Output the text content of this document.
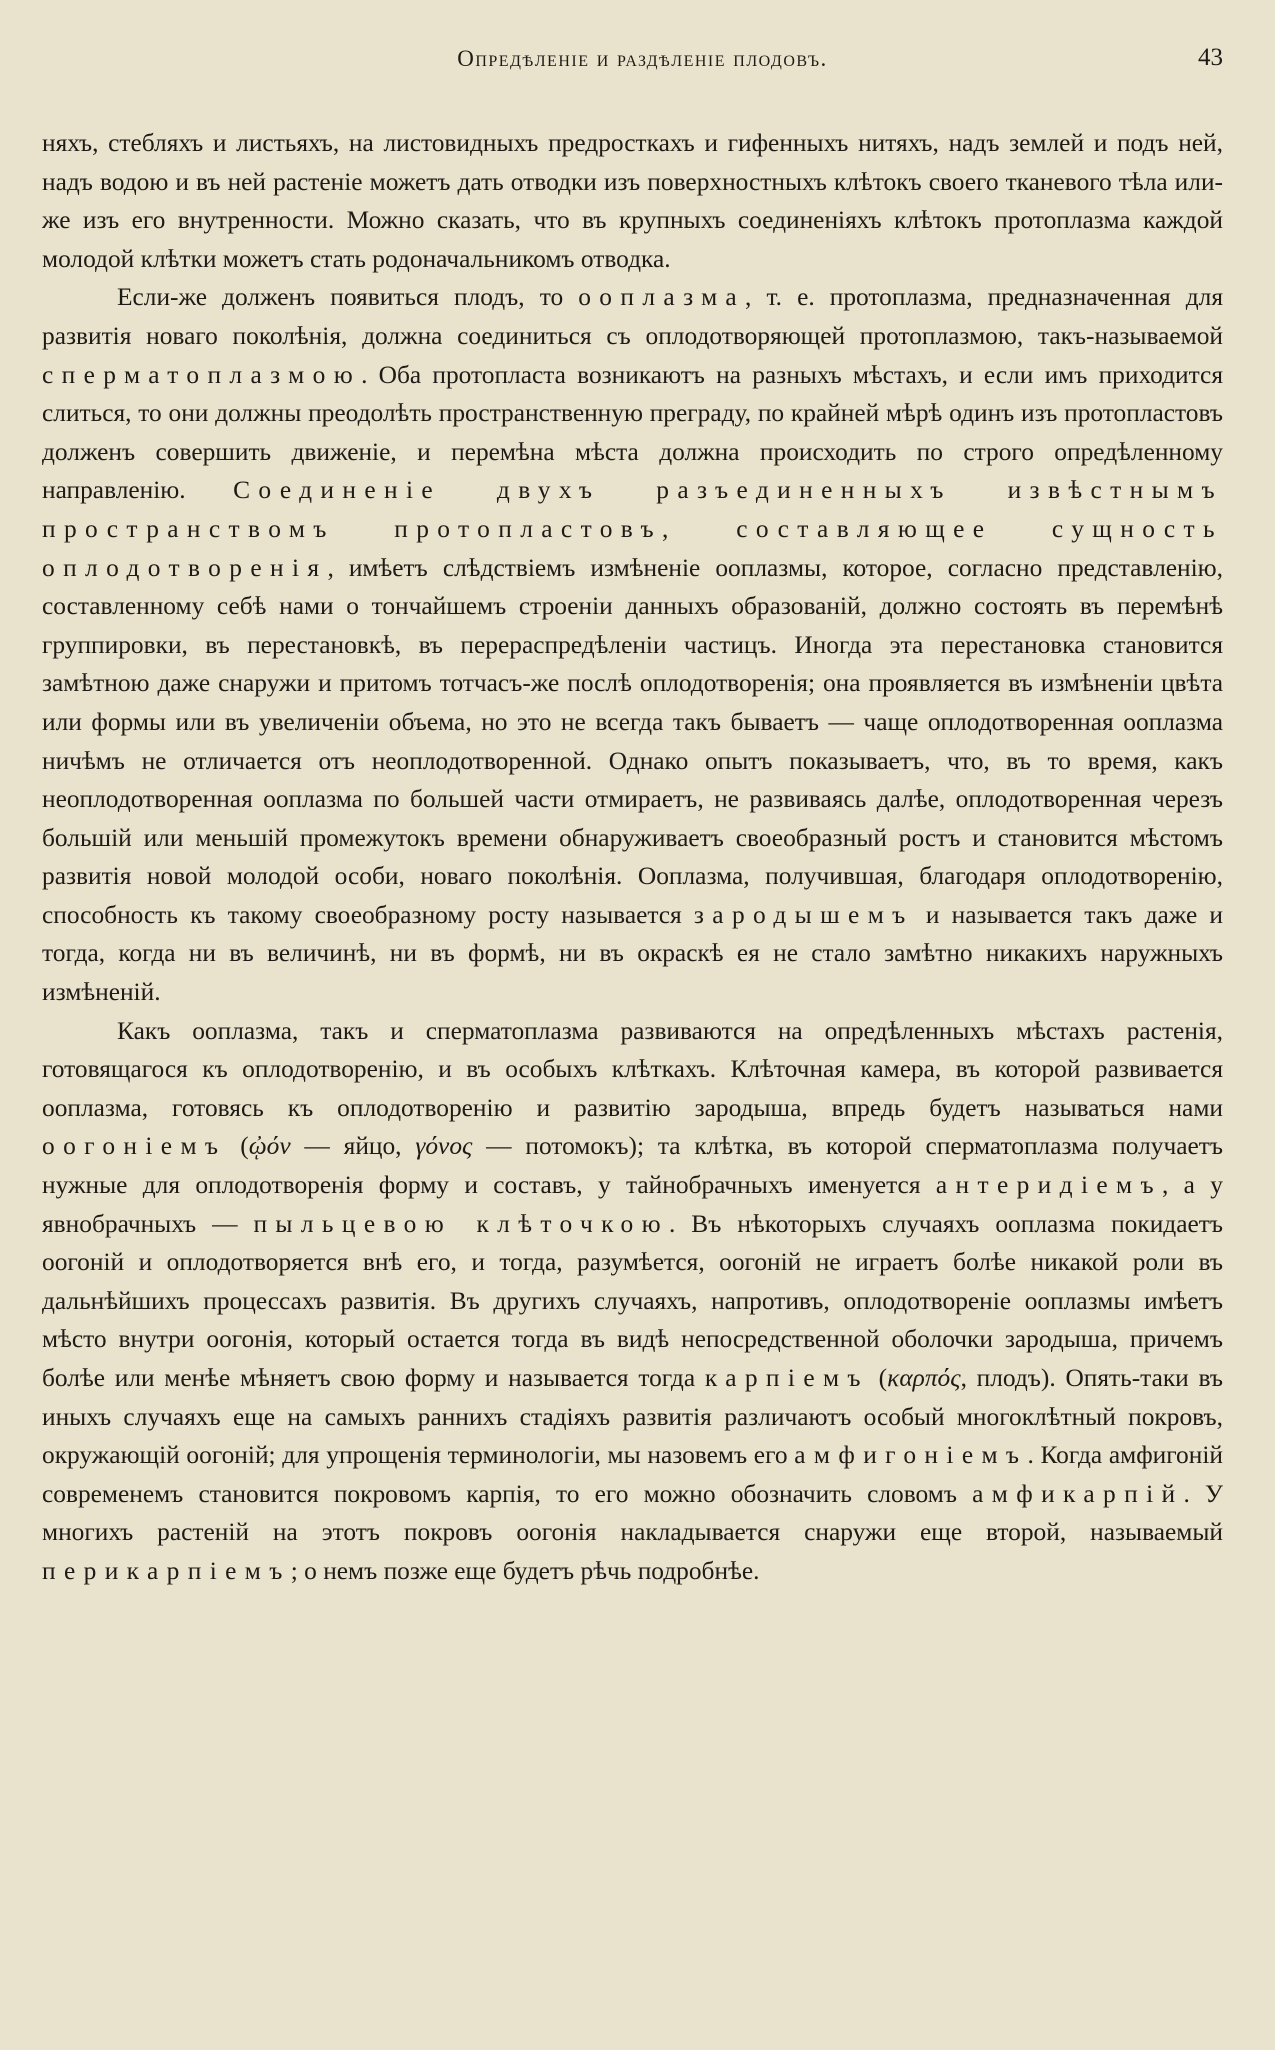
Опредѣленіе и раздѣленіе плодовъ.	43

няхъ, стебляхъ и листьяхъ, на листовидныхъ предросткахъ и гифенныхъ нитяхъ, надъ землей и подъ ней, надъ водою и въ ней растеніе можетъ дать отводки изъ поверхностныхъ клѣтокъ своего тканевого тѣла или-же изъ его внутренности. Можно сказать, что въ крупныхъ соединеніяхъ клѣтокъ протоплазма каждой молодой клѣтки можетъ стать родоначальникомъ отводка.

Если-же долженъ появиться плодъ, то ооплазма, т. е. протоплазма, предназначенная для развитія новаго поколѣнія, должна соединиться съ оплодотворяющей протоплазмою, такъ-называемой сперматоплазмою. Оба протопласта возникаютъ на разныхъ мѣстахъ, и если имъ приходится слиться, то они должны преодолѣть пространственную преграду, по крайней мѣрѣ одинъ изъ протопластовъ долженъ совершить движеніе, и перемѣна мѣста должна происходить по строго опредѣленному направленію. Соединеніе двухъ разъединенныхъ извѣстнымъ пространствомъ протопластовъ, составляющее сущность оплодотворенія, имѣетъ слѣдствіемъ измѣненіе ооплазмы, которое, согласно представленію, составленному себѣ нами о тончайшемъ строеніи данныхъ образованій, должно состоять въ перемѣнѣ группировки, въ перестановкѣ, въ перераспредѣленіи частицъ. Иногда эта перестановка становится замѣтною даже снаружи и притомъ тотчасъ-же послѣ оплодотворенія; она проявляется въ измѣненіи цвѣта или формы или въ увеличеніи объема, но это не всегда такъ бываетъ — чаще оплодотворенная ооплазма ничѣмъ не отличается отъ неоплодотворенной. Однако опытъ показываетъ, что, въ то время, какъ неоплодотворенная ооплазма по большей части отмираетъ, не развиваясь далѣе, оплодотворенная черезъ большій или меньшій промежутокъ времени обнаруживаетъ своеобразный ростъ и становится мѣстомъ развитія новой молодой особи, новаго поколѣнія. Ооплазма, получившая, благодаря оплодотворенію, способность къ такому своеобразному росту называется зародышемъ и называется такъ даже и тогда, когда ни въ величинѣ, ни въ формѣ, ни въ окраскѣ ея не стало замѣтно никакихъ наружныхъ измѣненій.

Какъ ооплазма, такъ и сперматоплазма развиваются на опредѣленныхъ мѣстахъ растенія, готовящагося къ оплодотворенію, и въ особыхъ клѣткахъ. Клѣточная камера, въ которой развивается ооплазма, готовясь къ оплодотворенію и развитію зародыша, впредь будетъ называться нами оогоніемъ (ᾠόν — яйцо, γόνος — потомокъ); та клѣтка, въ которой сперматоплазма получаетъ нужные для оплодотворенія форму и составъ, у тайнобрачныхъ именуется антеридіемъ, а у явнобрачныхъ — пыльцевою клѣточкою. Въ нѣкоторыхъ случаяхъ ооплазма покидаетъ оогоній и оплодотворяется внѣ его, и тогда, разумѣется, оогоній не играетъ болѣе никакой роли въ дальнѣйшихъ процессахъ развитія. Въ другихъ случаяхъ, напротивъ, оплодотвореніе ооплазмы имѣетъ мѣсто внутри оогонія, который остается тогда въ видѣ непосредственной оболочки зародыша, причемъ болѣе или менѣе мѣняетъ свою форму и называется тогда карпіемъ (καρπός, плодъ). Опять-таки въ иныхъ случаяхъ еще на самыхъ раннихъ стадіяхъ развитія различаютъ особый многоклѣтный покровъ, окружающій оогоній; для упрощенія терминологіи, мы назовемъ его амфигоніемъ. Когда амфигоній современемъ становится покровомъ карпія, то его можно обозначить словомъ амфикарпій. У многихъ растеній на этотъ покровъ оогонія накладывается снаружи еще второй, называемый перикарпіемъ; о немъ позже еще будетъ рѣчь подробнѣе.
